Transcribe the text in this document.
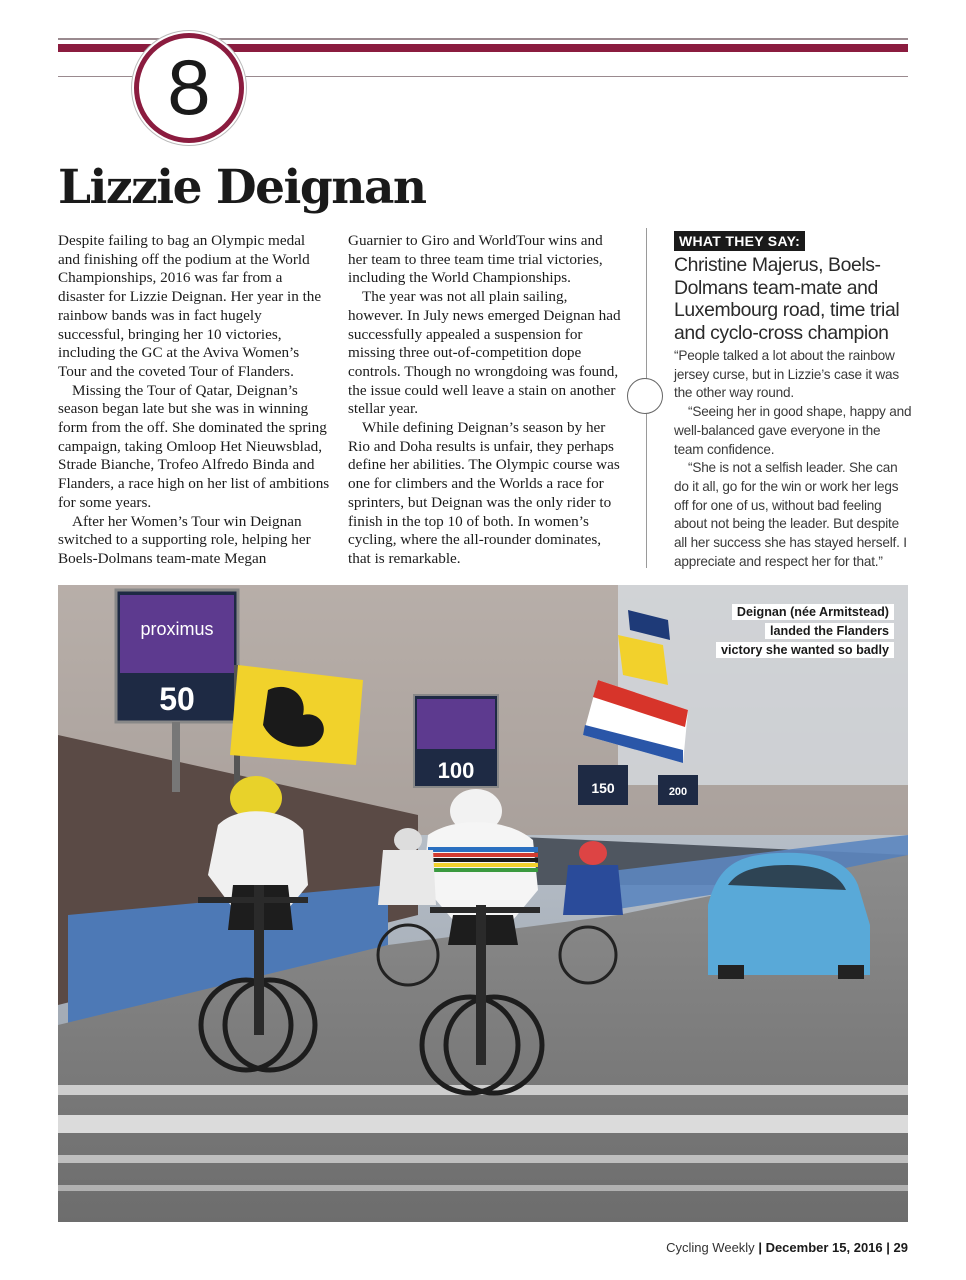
8
Lizzie Deignan

Despite failing to bag an Olympic medal and finishing off the podium at the World Championships, 2016 was far from a disaster for Lizzie Deignan. Her year in the rainbow bands was in fact hugely successful, bringing her 10 victories, including the GC at the Aviva Women’s Tour and the coveted Tour of Flanders.

Missing the Tour of Qatar, Deignan’s season began late but she was in winning form from the off. She dominated the spring campaign, taking Omloop Het Nieuwsblad, Strade Bianche, Trofeo Alfredo Binda and Flanders, a race high on her list of ambitions for some years.

After her Women’s Tour win Deignan switched to a supporting role, helping her Boels-Dolmans team-mate Megan

Guarnier to Giro and WorldTour wins and her team to three team time trial victories, including the World Championships.

The year was not all plain sailing, however. In July news emerged Deignan had successfully appealed a suspension for missing three out-of-competition dope controls. Though no wrongdoing was found, the issue could well leave a stain on another stellar year.

While defining Deignan’s season by her Rio and Doha results is unfair, they perhaps define her abilities. The Olympic course was one for climbers and the Worlds a race for sprinters, but Deignan was the only rider to finish in the top 10 of both. In women’s cycling, where the all-rounder dominates, that is remarkable.

WHAT THEY SAY:
Christine Majerus, Boels-Dolmans team-mate and Luxembourg road, time trial and cyclo-cross champion

“People talked a lot about the rainbow jersey curse, but in Lizzie’s case it was the other way round.

“Seeing her in good shape, happy and well-balanced gave everyone in the team confidence.

“She is not a selfish leader. She can do it all, go for the win or work her legs off for one of us, without bad feeling about not being the leader. But despite all her success she has stayed herself. I appreciate and respect her for that.”

proximus
50
100
150	200
Deignan (née Armitstead)
landed the Flanders
victory she wanted so badly
Cycling Weekly | December 15, 2016 | 29
